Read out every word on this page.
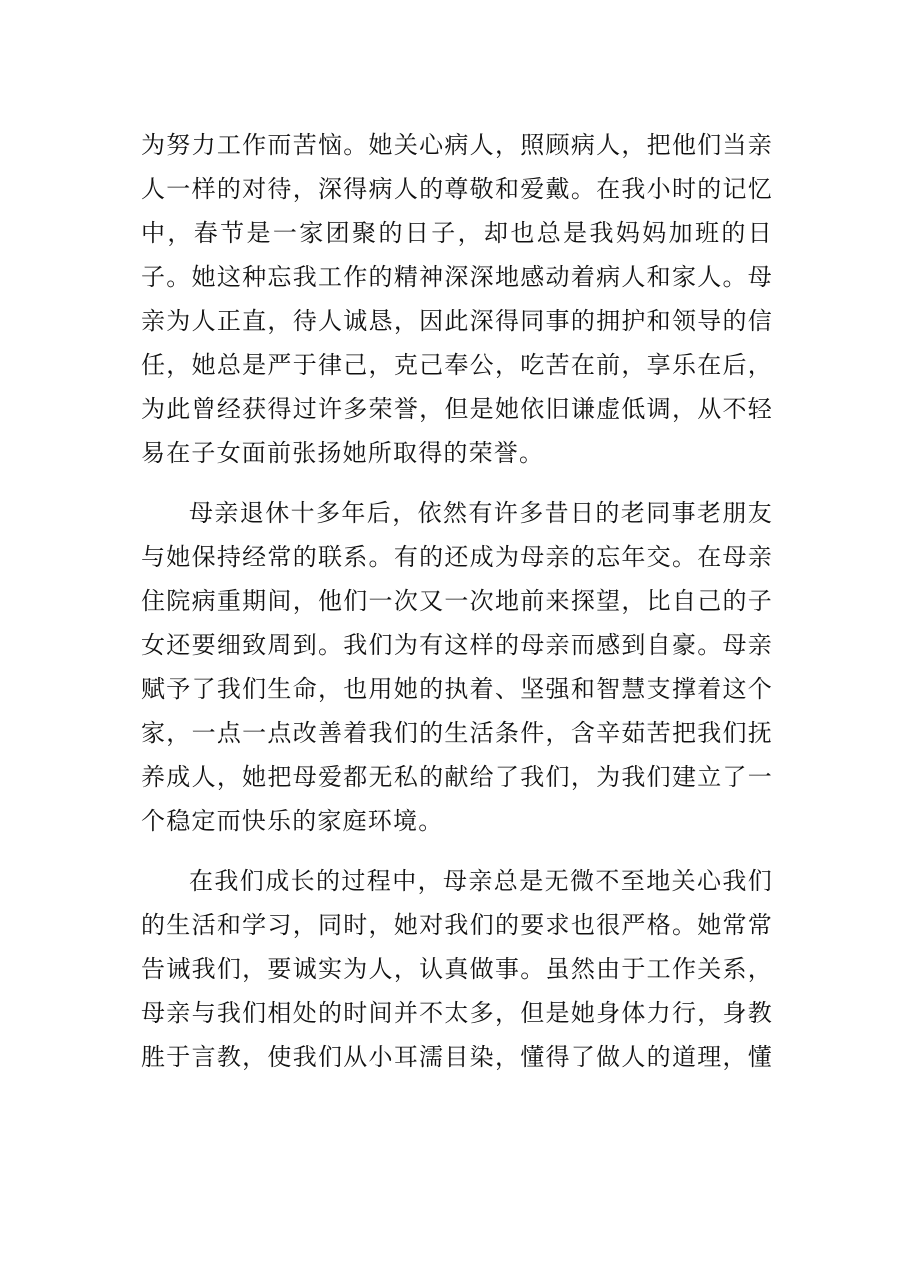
为努力工作而苦恼。她关心病人，照顾病人，把他们当亲
人一样的对待，深得病人的尊敬和爱戴。在我小时的记忆
中，春节是一家团聚的日子，却也总是我妈妈加班的日
子。她这种忘我工作的精神深深地感动着病人和家人。母
亲为人正直，待人诚恳，因此深得同事的拥护和领导的信
任，她总是严于律己，克己奉公，吃苦在前，享乐在后，
为此曾经获得过许多荣誉，但是她依旧谦虚低调，从不轻
易在子女面前张扬她所取得的荣誉。
母亲退休十多年后，依然有许多昔日的老同事老朋友
与她保持经常的联系。有的还成为母亲的忘年交。在母亲
住院病重期间，他们一次又一次地前来探望，比自己的子
女还要细致周到。我们为有这样的母亲而感到自豪。母亲
赋予了我们生命，也用她的执着、坚强和智慧支撑着这个
家，一点一点改善着我们的生活条件，含辛茹苦把我们抚
养成人，她把母爱都无私的献给了我们，为我们建立了一
个稳定而快乐的家庭环境。
在我们成长的过程中，母亲总是无微不至地关心我们
的生活和学习，同时，她对我们的要求也很严格。她常常
告诫我们，要诚实为人，认真做事。虽然由于工作关系，
母亲与我们相处的时间并不太多，但是她身体力行，身教
胜于言教，使我们从小耳濡目染，懂得了做人的道理，懂
